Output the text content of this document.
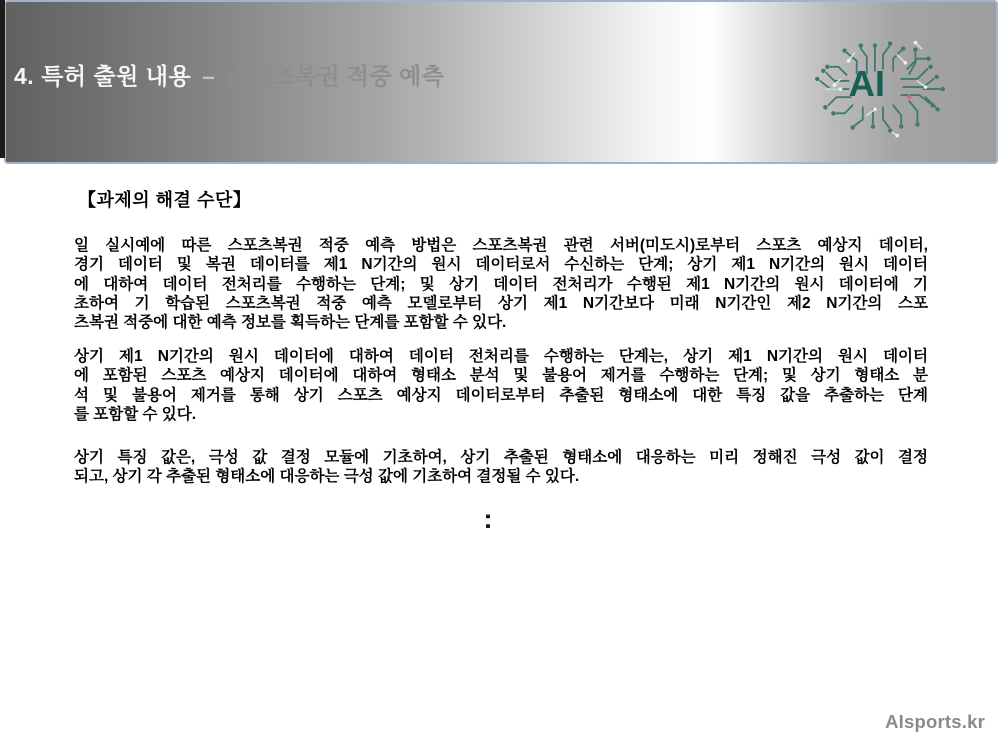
4. 특허 출원 내용 – 스포츠복권 적중 예측	AI
【과제의 해결 수단】
일 실시예에 따른 스포츠복권 적중 예측 방법은 스포츠복권 관련 서버(미도시)로부터 스포츠 예상지 데이터,
경기 데이터 및 복권 데이터를 제1 N기간의 원시 데이터로서 수신하는 단계; 상기 제1 N기간의 원시 데이터
에 대하여 데이터 전처리를 수행하는 단계; 및 상기 데이터 전처리가 수행된 제1 N기간의 원시 데이터에 기
초하여 기 학습된 스포츠복권 적중 예측 모델로부터 상기 제1 N기간보다 미래 N기간인 제2 N기간의 스포
츠복권 적중에 대한 예측 정보를 획득하는 단계를 포함할 수 있다.
상기 제1 N기간의 원시 데이터에 대하여 데이터 전처리를 수행하는 단계는, 상기 제1 N기간의 원시 데이터
에 포함된 스포츠 예상지 데이터에 대하여 형태소 분석 및 불용어 제거를 수행하는 단계; 및 상기 형태소 분
석 및 불용어 제거를 통해 상기 스포츠 예상지 데이터로부터 추출된 형태소에 대한 특징 값을 추출하는 단계
를 포함할 수 있다.
상기 특징 값은, 극성 값 결정 모듈에 기초하여, 상기 추출된 형태소에 대응하는 미리 정해진 극성 값이 결정
되고, 상기 각 추출된 형태소에 대응하는 극성 값에 기초하여 결정될 수 있다.
:
AIsports.kr
